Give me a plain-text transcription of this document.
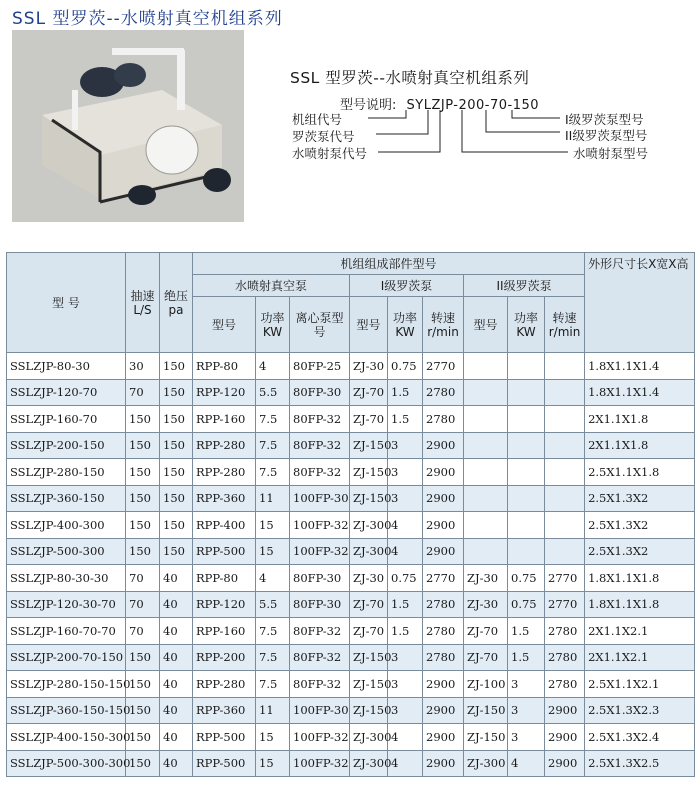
SSL 型罗茨--水喷射真空机组系列
SSL 型罗茨--水喷射真空机组系列
型号说明: SYLZJP-200-70-150
机组代号
罗茨泵代号
水喷射泵代号
I级罗茨泵型号
II级罗茨泵型号
水喷射泵型号
型 号	抽速L/S	绝压pa	机组组成部件型号									外形尺寸长X宽X高
			水喷射真空泵			I级罗茨泵			II级罗茨泵			
			型号	功率KW	离心泵型号	型号	功率KW	转速r/min	型号	功率KW	转速r/min	
SSLZJP-80-30	30	150	RPP-80	4	80FP-25	ZJ-30	0.75	2770				1.8X1.1X1.4
SSLZJP-120-70	70	150	RPP-120	5.5	80FP-30	ZJ-70	1.5	2780				1.8X1.1X1.4
SSLZJP-160-70	150	150	RPP-160	7.5	80FP-32	ZJ-70	1.5	2780				2X1.1X1.8
SSLZJP-200-150	150	150	RPP-280	7.5	80FP-32	ZJ-150	3	2900				2X1.1X1.8
SSLZJP-280-150	150	150	RPP-280	7.5	80FP-32	ZJ-150	3	2900				2.5X1.1X1.8
SSLZJP-360-150	150	150	RPP-360	11	100FP-30	ZJ-150	3	2900				2.5X1.3X2
SSLZJP-400-300	150	150	RPP-400	15	100FP-32	ZJ-300	4	2900				2.5X1.3X2
SSLZJP-500-300	150	150	RPP-500	15	100FP-32	ZJ-300	4	2900				2.5X1.3X2
SSLZJP-80-30-30	70	40	RPP-80	4	80FP-30	ZJ-30	0.75	2770	ZJ-30	0.75	2770	1.8X1.1X1.8
SSLZJP-120-30-70	70	40	RPP-120	5.5	80FP-30	ZJ-70	1.5	2780	ZJ-30	0.75	2770	1.8X1.1X1.8
SSLZJP-160-70-70	70	40	RPP-160	7.5	80FP-32	ZJ-70	1.5	2780	ZJ-70	1.5	2780	2X1.1X2.1
SSLZJP-200-70-150	150	40	RPP-200	7.5	80FP-32	ZJ-150	3	2780	ZJ-70	1.5	2780	2X1.1X2.1
SSLZJP-280-150-150	150	40	RPP-280	7.5	80FP-32	ZJ-150	3	2900	ZJ-100	3	2780	2.5X1.1X2.1
SSLZJP-360-150-150	150	40	RPP-360	11	100FP-30	ZJ-150	3	2900	ZJ-150	3	2900	2.5X1.3X2.3
SSLZJP-400-150-300	150	40	RPP-500	15	100FP-32	ZJ-300	4	2900	ZJ-150	3	2900	2.5X1.3X2.4
SSLZJP-500-300-300	150	40	RPP-500	15	100FP-32	ZJ-300	4	2900	ZJ-300	4	2900	2.5X1.3X2.5
